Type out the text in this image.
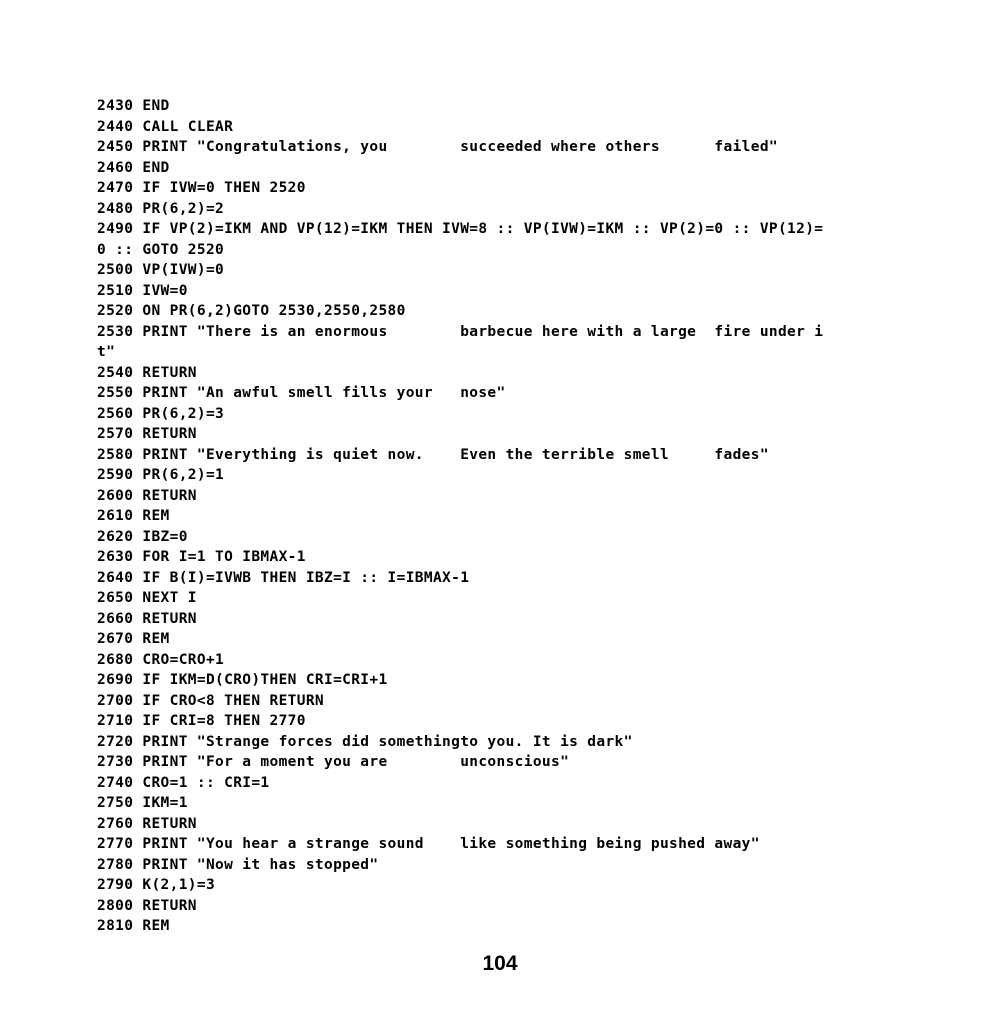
2430 END
2440 CALL CLEAR
2450 PRINT "Congratulations, you        succeeded where others      failed"
2460 END
2470 IF IVW=0 THEN 2520
2480 PR(6,2)=2
2490 IF VP(2)=IKM AND VP(12)=IKM THEN IVW=8 :: VP(IVW)=IKM :: VP(2)=0 :: VP(12)=
0 :: GOTO 2520
2500 VP(IVW)=0
2510 IVW=0
2520 ON PR(6,2)GOTO 2530,2550,2580
2530 PRINT "There is an enormous        barbecue here with a large  fire under i
t"
2540 RETURN
2550 PRINT "An awful smell fills your   nose"
2560 PR(6,2)=3
2570 RETURN
2580 PRINT "Everything is quiet now.    Even the terrible smell     fades"
2590 PR(6,2)=1
2600 RETURN
2610 REM
2620 IBZ=0
2630 FOR I=1 TO IBMAX-1
2640 IF B(I)=IVWB THEN IBZ=I :: I=IBMAX-1
2650 NEXT I
2660 RETURN
2670 REM
2680 CRO=CRO+1
2690 IF IKM=D(CRO)THEN CRI=CRI+1
2700 IF CRO<8 THEN RETURN
2710 IF CRI=8 THEN 2770
2720 PRINT "Strange forces did somethingto you. It is dark"
2730 PRINT "For a moment you are        unconscious"
2740 CRO=1 :: CRI=1
2750 IKM=1
2760 RETURN
2770 PRINT "You hear a strange sound    like something being pushed away"
2780 PRINT "Now it has stopped"
2790 K(2,1)=3
2800 RETURN
2810 REM
104
